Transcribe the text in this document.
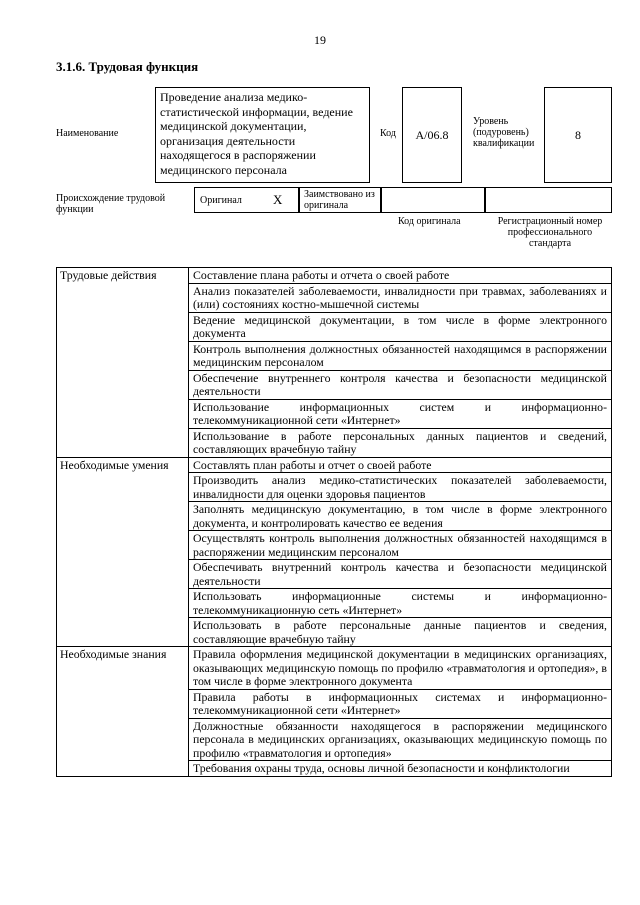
19
3.1.6. Трудовая функция
Наименование
Проведение анализа медико-статистической информации, ведение медицинской документации, организация деятельности находящегося в распоряжении медицинского персонала
Код	А/06.8
Уровень (подуровень) квалификации
8
Происхождение трудовой функции
Оригинал X Заимствовано из оригинала
Код оригинала	Регистрационный номер профессионального стандарта
Трудовые действия	Составление плана работы и отчета о своей работе
	Анализ показателей заболеваемости, инвалидности при травмах, заболеваниях и (или) состояниях костно-мышечной системы
	Ведение медицинской документации, в том числе в форме электронного документа
	Контроль выполнения должностных обязанностей находящимся в распоряжении медицинским персоналом
	Обеспечение внутреннего контроля качества и безопасности медицинской деятельности
	Использование информационных систем и информационно-телекоммуникационной сети «Интернет»
	Использование в работе персональных данных пациентов и сведений, составляющих врачебную тайну
Необходимые умения	Составлять план работы и отчет о своей работе
	Производить анализ медико-статистических показателей заболеваемости, инвалидности для оценки здоровья пациентов
	Заполнять медицинскую документацию, в том числе в форме электронного документа, и контролировать качество ее ведения
	Осуществлять контроль выполнения должностных обязанностей находящимся в распоряжении медицинским персоналом
	Обеспечивать внутренний контроль качества и безопасности медицинской деятельности
	Использовать информационные системы и информационно-телекоммуникационную сеть «Интернет»
	Использовать в работе персональные данные пациентов и сведения, составляющие врачебную тайну
Необходимые знания	Правила оформления медицинской документации в медицинских организациях, оказывающих медицинскую помощь по профилю «травматология и ортопедия», в том числе в форме электронного документа
	Правила работы в информационных системах и информационно-телекоммуникационной сети «Интернет»
	Должностные обязанности находящегося в распоряжении медицинского персонала в медицинских организациях, оказывающих медицинскую помощь по профилю «травматология и ортопедия»
	Требования охраны труда, основы личной безопасности и конфликтологии
